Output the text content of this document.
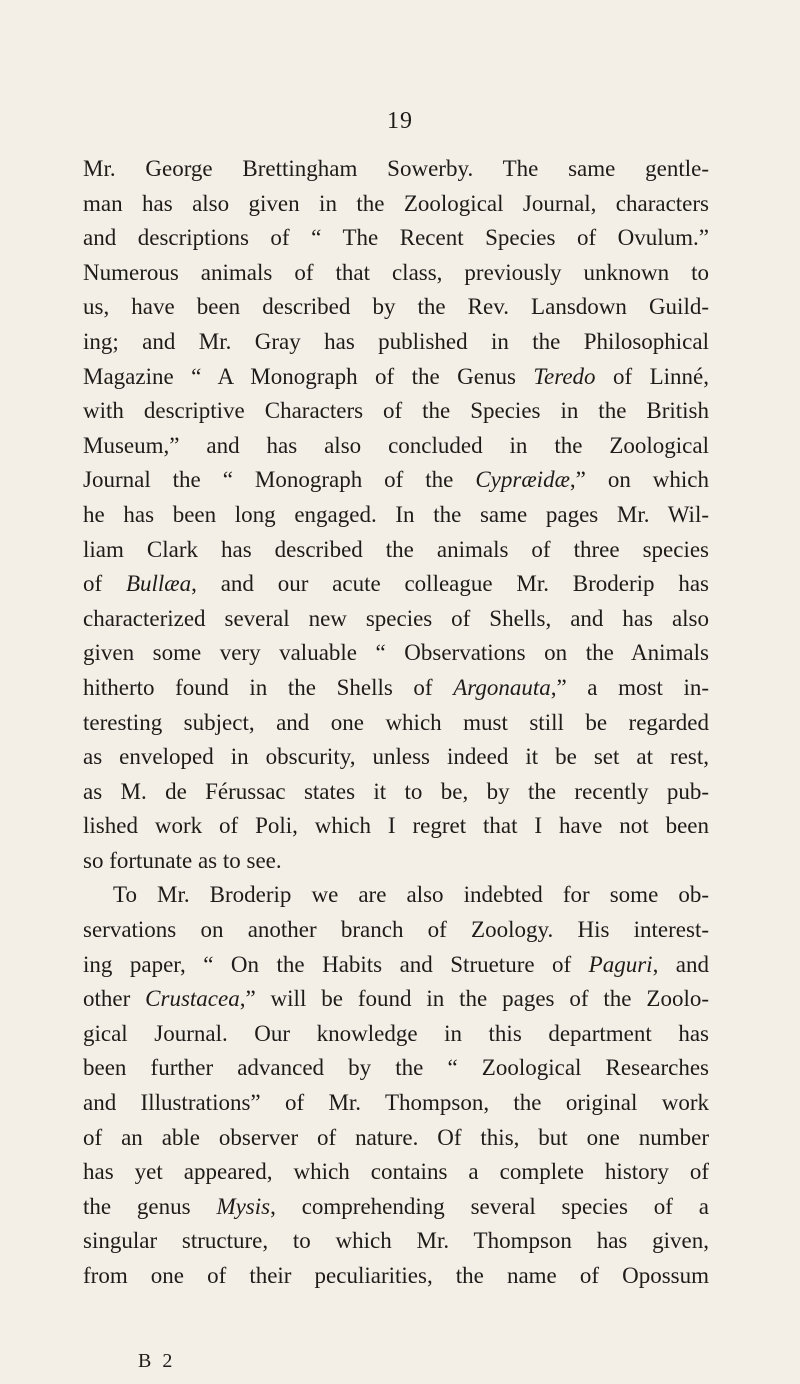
19
Mr. George Brettingham Sowerby. The same gentle-
man has also given in the Zoological Journal, characters
and descriptions of “ The Recent Species of Ovulum.”
Numerous animals of that class, previously unknown to
us, have been described by the Rev. Lansdown Guild-
ing; and Mr. Gray has published in the Philosophical
Magazine “ A Monograph of the Genus Teredo of Linné,
with descriptive Characters of the Species in the British
Museum,” and has also concluded in the Zoological
Journal the “ Monograph of the Cypræidæ,” on which
he has been long engaged. In the same pages Mr. Wil-
liam Clark has described the animals of three species
of Bullæa, and our acute colleague Mr. Broderip has
characterized several new species of Shells, and has also
given some very valuable “ Observations on the Animals
hitherto found in the Shells of Argonauta,” a most in-
teresting subject, and one which must still be regarded
as enveloped in obscurity, unless indeed it be set at rest,
as M. de Férussac states it to be, by the recently pub-
lished work of Poli, which I regret that I have not been
so fortunate as to see.
To Mr. Broderip we are also indebted for some ob-
servations on another branch of Zoology. His interest-
ing paper, “ On the Habits and Strueture of Paguri, and
other Crustacea,” will be found in the pages of the Zoolo-
gical Journal. Our knowledge in this department has
been further advanced by the “ Zoological Researches
and Illustrations” of Mr. Thompson, the original work
of an able observer of nature. Of this, but one number
has yet appeared, which contains a complete history of
the genus Mysis, comprehending several species of a
singular structure, to which Mr. Thompson has given,
from one of their peculiarities, the name of Opossum
B 2
